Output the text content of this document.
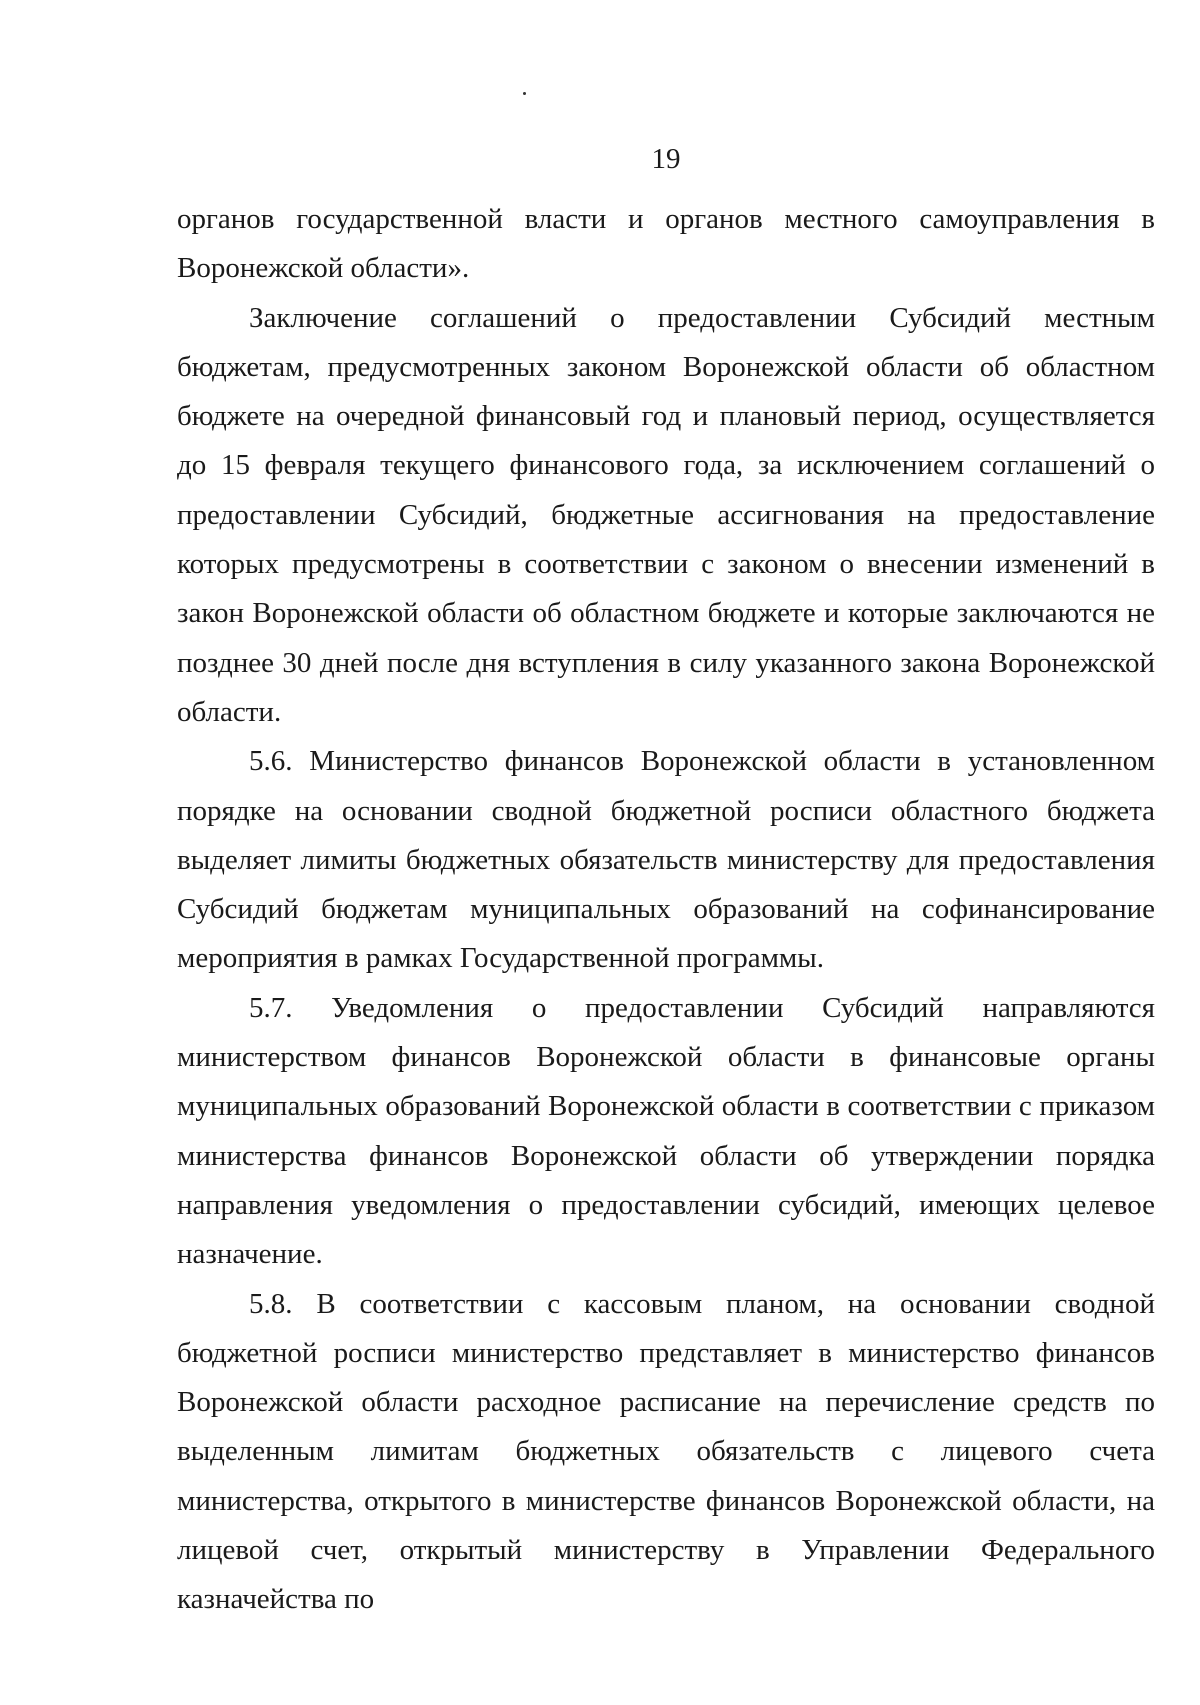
19

органов государственной власти и органов местного самоуправления в Воронежской области».

Заключение соглашений о предоставлении Субсидий местным бюджетам, предусмотренных законом Воронежской области об областном бюджете на очередной финансовый год и плановый период, осуществляется до 15 февраля текущего финансового года, за исключением соглашений о предоставлении Субсидий, бюджетные ассигнования на предоставление которых предусмотрены в соответствии с законом о внесении изменений в закон Воронежской области об областном бюджете и которые заключаются не позднее 30 дней после дня вступления в силу указанного закона Воронежской области.

5.6. Министерство финансов Воронежской области в установленном порядке на основании сводной бюджетной росписи областного бюджета выделяет лимиты бюджетных обязательств министерству для предоставления Субсидий бюджетам муниципальных образований на софинансирование мероприятия в рамках Государственной программы.

5.7. Уведомления о предоставлении Субсидий направляются министерством финансов Воронежской области в финансовые органы муниципальных образований Воронежской области в соответствии с приказом министерства финансов Воронежской области об утверждении порядка направления уведомления о предоставлении субсидий, имеющих целевое назначение.

5.8. В соответствии с кассовым планом, на основании сводной бюджетной росписи министерство представляет в министерство финансов Воронежской области расходное расписание на перечисление средств по выделенным лимитам бюджетных обязательств с лицевого счета министерства, открытого в министерстве финансов Воронежской области, на лицевой счет, открытый министерству в Управлении Федерального казначейства по
